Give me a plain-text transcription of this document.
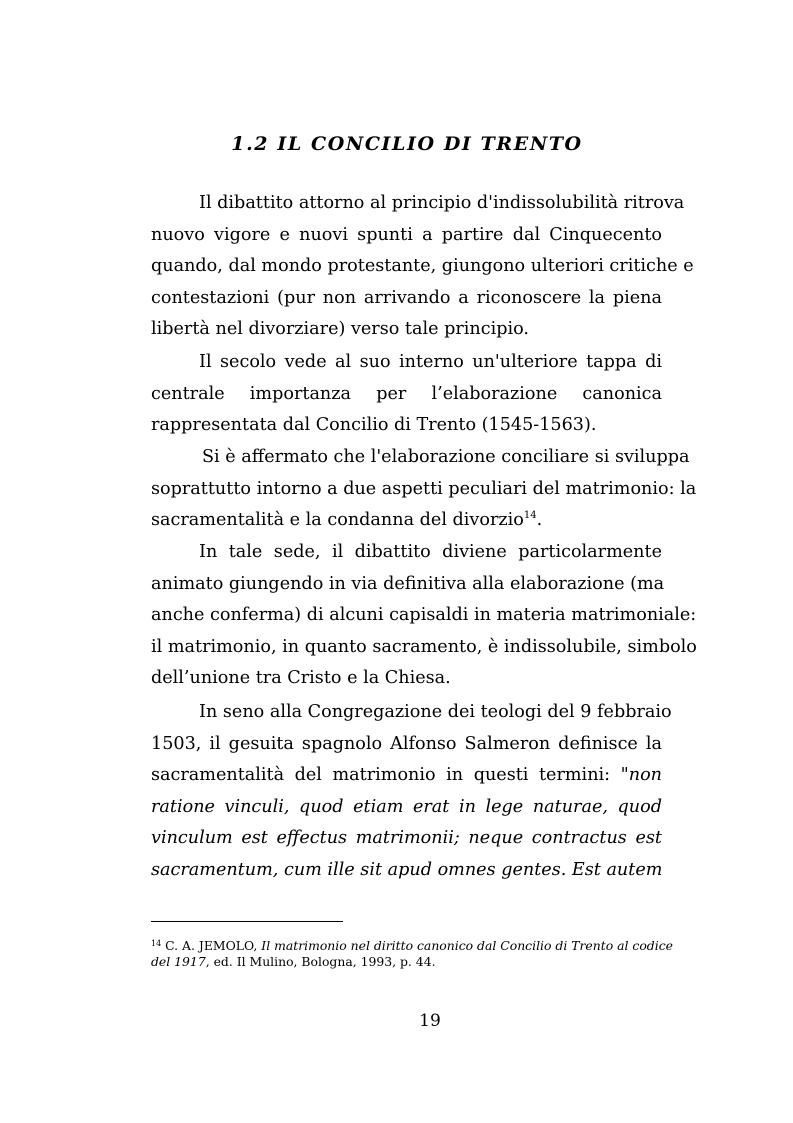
1.2 IL CONCILIO DI TRENTO
Il dibattito attorno al principio d'indissolubilità ritrova
nuovo vigore e nuovi spunti a partire dal Cinquecento
quando, dal mondo protestante, giungono ulteriori critiche e
contestazioni (pur non arrivando a riconoscere la piena
libertà nel divorziare) verso tale principio.
Il secolo vede al suo interno un'ulteriore tappa di
centrale importanza per l’elaborazione canonica
rappresentata dal Concilio di Trento (1545-1563).
Si è affermato che l'elaborazione conciliare si sviluppa
soprattutto intorno a due aspetti peculiari del matrimonio: la
sacramentalità e la condanna del divorzio$^{14}$.
In tale sede, il dibattito diviene particolarmente
animato giungendo in via definitiva alla elaborazione (ma
anche conferma) di alcuni capisaldi in materia matrimoniale:
il matrimonio, in quanto sacramento, è indissolubile, simbolo
dell’unione tra Cristo e la Chiesa.
In seno alla Congregazione dei teologi del 9 febbraio
1503, il gesuita spagnolo Alfonso Salmeron definisce la
sacramentalità del matrimonio in questi termini: "non
ratione vinculi, quod etiam erat in lege naturae, quod
vinculum est effectus matrimonii; neque contractus est
sacramentum, cum ille sit apud omnes gentes. Est autem
$^{14}$ C. A. JEMOLO, Il matrimonio nel diritto canonico dal Concilio di Trento al codice
del 1917, ed. Il Mulino, Bologna, 1993, p. 44.
19
